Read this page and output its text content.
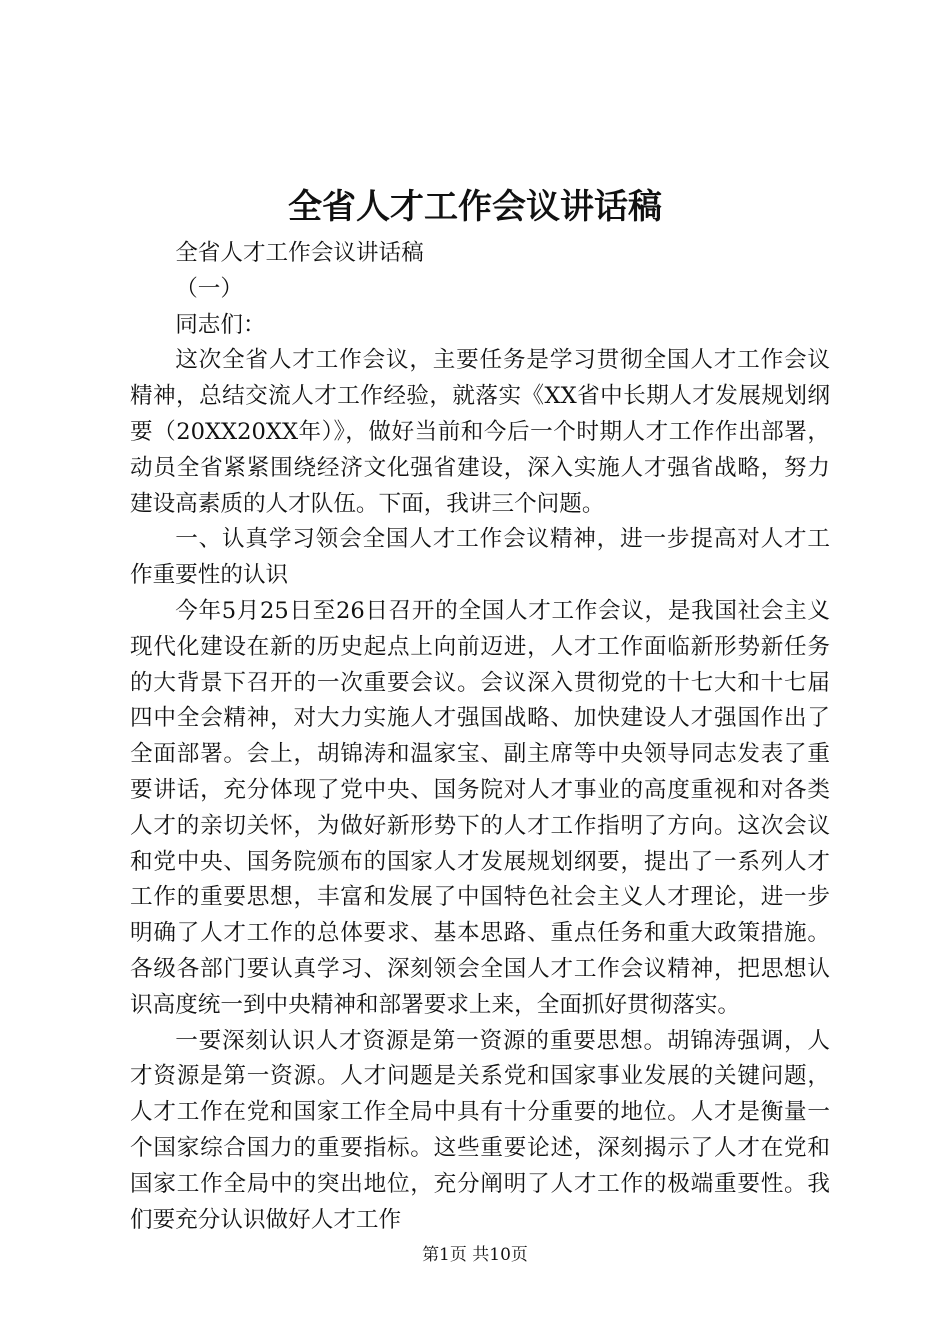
全省人才工作会议讲话稿

全省人才工作会议讲话稿

（一）

同志们：

这次全省人才工作会议，主要任务是学习贯彻全国人才工作会议精神，总结交流人才工作经验，就落实《XX省中长期人才发展规划纲要（20XX20XX年）》，做好当前和今后一个时期人才工作作出部署，动员全省紧紧围绕经济文化强省建设，深入实施人才强省战略，努力建设高素质的人才队伍。下面，我讲三个问题。

一、认真学习领会全国人才工作会议精神，进一步提高对人才工作重要性的认识

今年5月25日至26日召开的全国人才工作会议，是我国社会主义现代化建设在新的历史起点上向前迈进，人才工作面临新形势新任务的大背景下召开的一次重要会议。会议深入贯彻党的十七大和十七届四中全会精神，对大力实施人才强国战略、加快建设人才强国作出了全面部署。会上，胡锦涛和温家宝、副主席等中央领导同志发表了重要讲话，充分体现了党中央、国务院对人才事业的高度重视和对各类人才的亲切关怀，为做好新形势下的人才工作指明了方向。这次会议和党中央、国务院颁布的国家人才发展规划纲要，提出了一系列人才工作的重要思想，丰富和发展了中国特色社会主义人才理论，进一步明确了人才工作的总体要求、基本思路、重点任务和重大政策措施。各级各部门要认真学习、深刻领会全国人才工作会议精神，把思想认识高度统一到中央精神和部署要求上来，全面抓好贯彻落实。

一要深刻认识人才资源是第一资源的重要思想。胡锦涛强调，人才资源是第一资源。人才问题是关系党和国家事业发展的关键问题，人才工作在党和国家工作全局中具有十分重要的地位。人才是衡量一个国家综合国力的重要指标。这些重要论述，深刻揭示了人才在党和国家工作全局中的突出地位，充分阐明了人才工作的极端重要性。我们要充分认识做好人才工作

第1页 共10页
